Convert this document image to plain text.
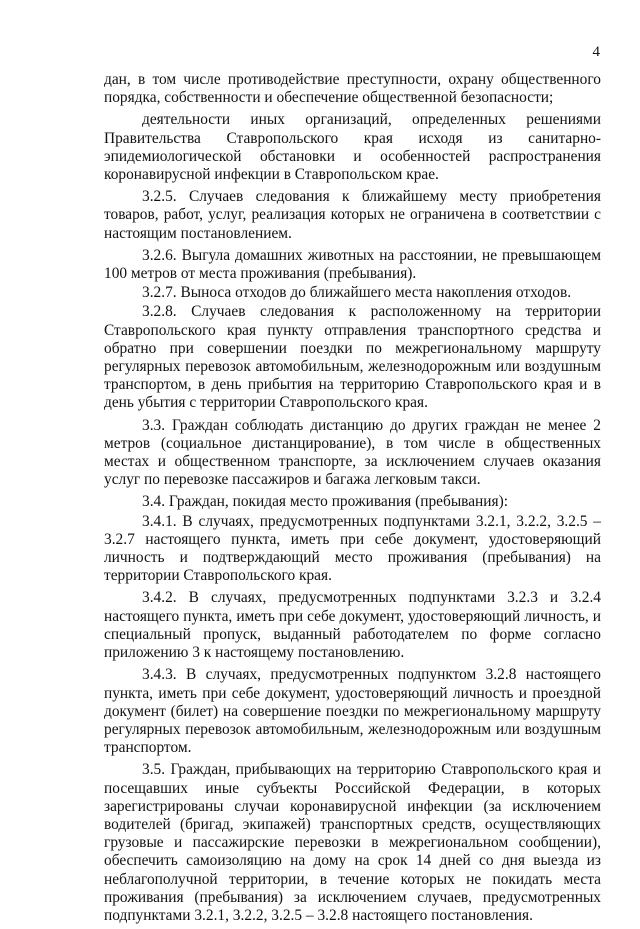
4

дан, в том числе противодействие преступности, охрану общественного порядка, собственности и обеспечение общественной безопасности;

деятельности иных организаций, определенных решениями Правительства Ставропольского края исходя из санитарно-эпидемиологической обстановки и особенностей распространения коронавирусной инфекции в Ставропольском крае.

3.2.5. Случаев следования к ближайшему месту приобретения товаров, работ, услуг, реализация которых не ограничена в соответствии с настоящим постановлением.

3.2.6. Выгула домашних животных на расстоянии, не превышающем 100 метров от места проживания (пребывания).

3.2.7. Выноса отходов до ближайшего места накопления отходов.

3.2.8. Случаев следования к расположенному на территории Ставропольского края пункту отправления транспортного средства и обратно при совершении поездки по межрегиональному маршруту регулярных перевозок автомобильным, железнодорожным или воздушным транспортом, в день прибытия на территорию Ставропольского края и в день убытия с территории Ставропольского края.

3.3. Граждан соблюдать дистанцию до других граждан не менее 2 метров (социальное дистанцирование), в том числе в общественных местах и общественном транспорте, за исключением случаев оказания услуг по перевозке пассажиров и багажа легковым такси.

3.4. Граждан, покидая место проживания (пребывания):

3.4.1. В случаях, предусмотренных подпунктами 3.2.1, 3.2.2, 3.2.5 – 3.2.7 настоящего пункта, иметь при себе документ, удостоверяющий личность и подтверждающий место проживания (пребывания) на территории Ставропольского края.

3.4.2. В случаях, предусмотренных подпунктами 3.2.3 и 3.2.4 настоящего пункта, иметь при себе документ, удостоверяющий личность, и специальный пропуск, выданный работодателем по форме согласно приложению 3 к настоящему постановлению.

3.4.3. В случаях, предусмотренных подпунктом 3.2.8 настоящего пункта, иметь при себе документ, удостоверяющий личность и проездной документ (билет) на совершение поездки по межрегиональному маршруту регулярных перевозок автомобильным, железнодорожным или воздушным транспортом.

3.5. Граждан, прибывающих на территорию Ставропольского края и посещавших иные субъекты Российской Федерации, в которых зарегистрированы случаи коронавирусной инфекции (за исключением водителей (бригад, экипажей) транспортных средств, осуществляющих грузовые и пассажирские перевозки в межрегиональном сообщении), обеспечить самоизоляцию на дому на срок 14 дней со дня выезда из неблагополучной территории, в течение которых не покидать места проживания (пребывания) за исключением случаев, предусмотренных подпунктами 3.2.1, 3.2.2, 3.2.5 – 3.2.8 настоящего постановления.
